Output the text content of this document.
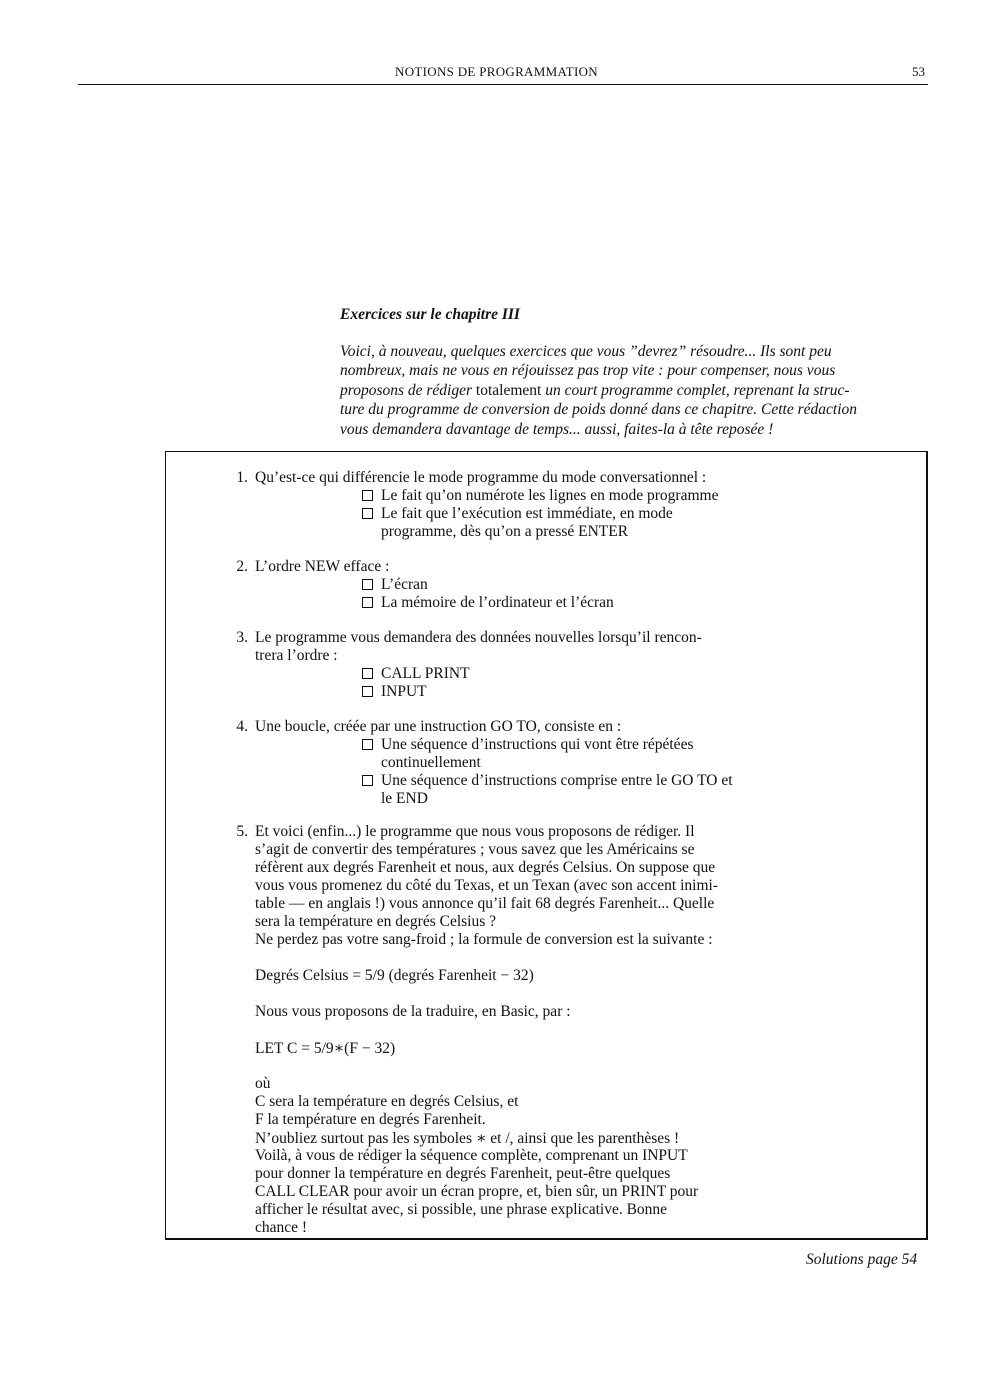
NOTIONS DE PROGRAMMATION	53
Exercices sur le chapitre III
Voici, à nouveau, quelques exercices que vous ”devrez” résoudre... Ils sont peu
nombreux, mais ne vous en réjouissez pas trop vite : pour compenser, nous vous
proposons de rédiger totalement un court programme complet, reprenant la struc-
ture du programme de conversion de poids donné dans ce chapitre. Cette rédaction
vous demandera davantage de temps... aussi, faites-la à tête reposée !
1. Qu’est-ce qui différencie le mode programme du mode conversationnel :
Le fait qu’on numérote les lignes en mode programme
Le fait que l’exécution est immédiate, en mode
programme, dès qu’on a pressé ENTER
2. L’ordre NEW efface :
L’écran
La mémoire de l’ordinateur et l’écran
3. Le programme vous demandera des données nouvelles lorsqu’il rencon-
trera l’ordre :
CALL PRINT
INPUT
4. Une boucle, créée par une instruction GO TO, consiste en :
Une séquence d’instructions qui vont être répétées
continuellement
Une séquence d’instructions comprise entre le GO TO et
le END
5. Et voici (enfin...) le programme que nous vous proposons de rédiger. Il
s’agit de convertir des températures ; vous savez que les Américains se
réfèrent aux degrés Farenheit et nous, aux degrés Celsius. On suppose que
vous vous promenez du côté du Texas, et un Texan (avec son accent inimi-
table — en anglais !) vous annonce qu’il fait 68 degrés Farenheit... Quelle
sera la température en degrés Celsius ?
Ne perdez pas votre sang-froid ; la formule de conversion est la suivante :
Degrés Celsius = 5/9 (degrés Farenheit − 32)
Nous vous proposons de la traduire, en Basic, par :
LET C = 5/9∗(F − 32)
où
C sera la température en degrés Celsius, et
F la température en degrés Farenheit.
N’oubliez surtout pas les symboles ∗ et /, ainsi que les parenthèses !
Voilà, à vous de rédiger la séquence complète, comprenant un INPUT
pour donner la température en degrés Farenheit, peut-être quelques
CALL CLEAR pour avoir un écran propre, et, bien sûr, un PRINT pour
afficher le résultat avec, si possible, une phrase explicative. Bonne
chance !
Solutions page 54
